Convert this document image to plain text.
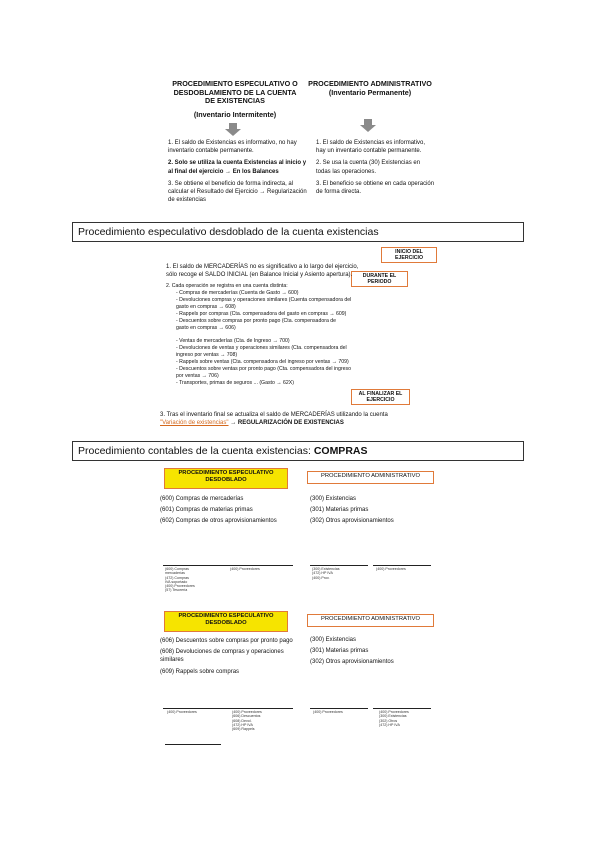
PROCEDIMIENTO ESPECULATIVO O
DESDOBLAMIENTO DE LA CUENTA
DE EXISTENCIAS
(Inventario Intermitente)
PROCEDIMIENTO ADMINISTRATIVO
(Inventario Permanente)
1. El saldo de Existencias es informativo, no hay inventario contable permanente.
2. Solo se utiliza la cuenta Existencias al inicio y al final del ejercicio → En los Balances
3. Se obtiene el beneficio de forma indirecta, al calcular el Resultado del Ejercicio → Regularización de existencias
1. El saldo de Existencias es informativo, hay un inventario contable permanente.
2. Se usa la cuenta (30) Existencias en todas las operaciones.
3. El beneficio se obtiene en cada operación de forma directa.
Procedimiento especulativo desdoblado de la cuenta existencias
INICIO DEL EJERCICIO
DURANTE EL PERIODO
AL FINALIZAR EL EJERCICIO
1. El saldo de MERCADERÍAS no es significativo a lo largo del ejercicio,
sólo recoge el SALDO INICIAL (en Balance Inicial y Asiento apertura).
2. Cada operación se registra en una cuenta distinta:
- Compras de mercaderías (Cuenta de Gasto → 600)
- Devoluciones compras y operaciones similares (Cuenta compensadora del
gasto en compras → 608)
- Rappels por compras (Cta. compensadora del gasto en compras → 609)
- Descuentos sobre compras por pronto pago (Cta. compensadora de
gasto en compras → 606)
- Ventas de mercaderías (Cta. de Ingreso → 700)
- Devoluciones de ventas y operaciones similares (Cta. compensadora del
ingreso por ventas → 708)
- Rappels sobre ventas (Cta. compensadora del ingreso por ventas → 709)
- Descuentos sobre ventas por pronto pago (Cta. compensadora del ingreso
por ventas → 706)
- Transportes, primas de seguros ... (Gasto → 62X)
3. Tras el inventario final se actualiza el saldo de MERCADERÍAS utilizando la cuenta
"Variación de existencias" → REGULARIZACIÓN DE EXISTENCIAS
Procedimiento contables de la cuenta existencias: COMPRAS
PROCEDIMIENTO ESPECULATIVO
DESDOBLADO
PROCEDIMIENTO ADMINISTRATIVO
(600) Compras de mercaderías
(601) Compras de materias primas
(602) Compras de otros aprovisionamientos
(300) Existencias
(301) Materias primas
(302) Otros aprovisionamientos
(600) Compras
mercaderías
(472) Compras
IVA soportado
(400) Proveedores
(57) Tesorería
(400) Proveedores	(300) Existencias
(472) HP IVA
(400) Prov.
(400) Proveedores
PROCEDIMIENTO ESPECULATIVO
DESDOBLADO
PROCEDIMIENTO ADMINISTRATIVO
(606) Descuentos sobre compras por pronto pago
(608) Devoluciones de compras y operaciones similares
(609) Rappels sobre compras
(300) Existencias
(301) Materias primas
(302) Otros aprovisionamientos
(400) Proveedores	(400) Proveedores
(606) Descuentos
(608) Devol.
(472) HP IVA
(609) Rappels
(400) Proveedores	(400) Proveedores
(300) Existencias
(302) Otros
(472) HP IVA
